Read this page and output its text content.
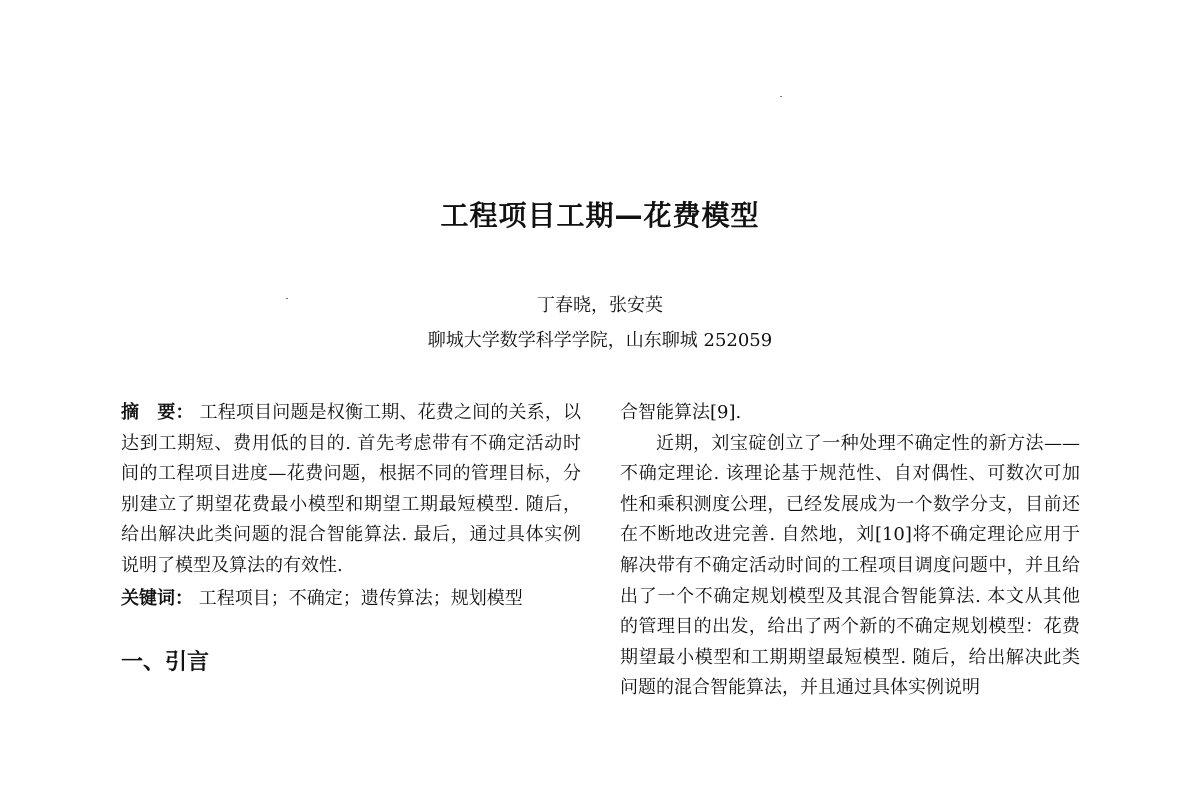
工程项目工期—花费模型
丁春晓，张安英
聊城大学数学科学学院，山东聊城 252059

摘　要： 工程项目问题是权衡工期、花费之间的关系，以达到工期短、费用低的目的. 首先考虑带有不确定活动时间的工程项目进度—花费问题，根据不同的管理目标，分别建立了期望花费最小模型和期望工期最短模型. 随后，给出解决此类问题的混合智能算法. 最后，通过具体实例说明了模型及算法的有效性.

关键词： 工程项目；不确定；遗传算法；规划模型

一、引言

合智能算法[9].

近期，刘宝碇创立了一种处理不确定性的新方法——不确定理论. 该理论基于规范性、自对偶性、可数次可加性和乘积测度公理，已经发展成为一个数学分支，目前还在不断地改进完善. 自然地，刘[10]将不确定理论应用于解决带有不确定活动时间的工程项目调度问题中，并且给出了一个不确定规划模型及其混合智能算法. 本文从其他的管理目的出发，给出了两个新的不确定规划模型：花费期望最小模型和工期期望最短模型. 随后，给出解决此类问题的混合智能算法，并且通过具体实例说明
